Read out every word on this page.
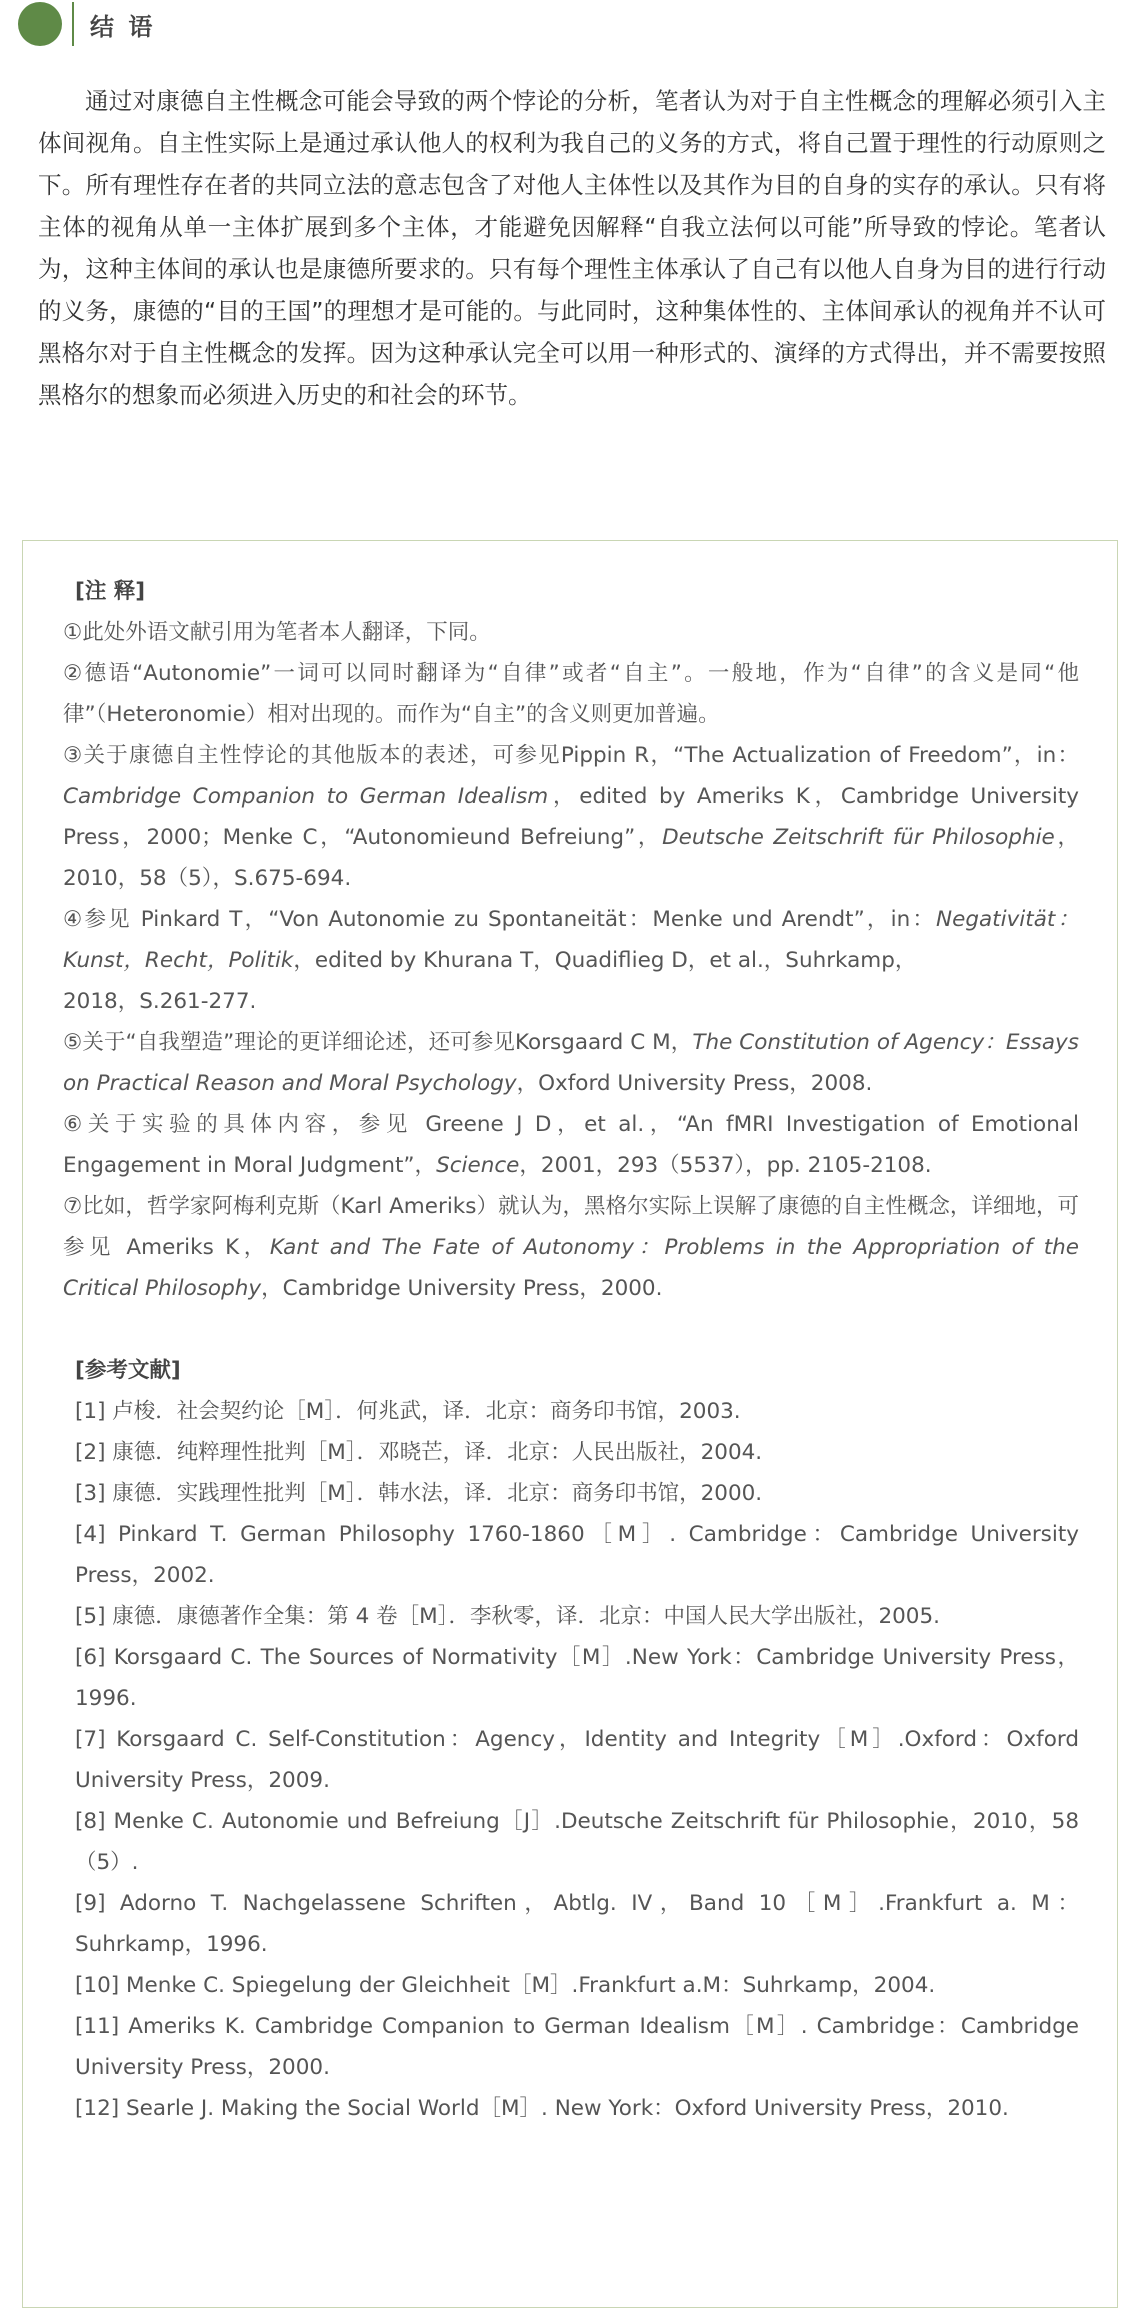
结 语

通过对康德自主性概念可能会导致的两个悖论的分析，笔者认为对于自主性概念的理解必须引入主体间视角。自主性实际上是通过承认他人的权利为我自己的义务的方式，将自己置于理性的行动原则之下。所有理性存在者的共同立法的意志包含了对他人主体性以及其作为目的自身的实存的承认。只有将主体的视角从单一主体扩展到多个主体，才能避免因解释“自我立法何以可能”所导致的悖论。笔者认为，这种主体间的承认也是康德所要求的。只有每个理性主体承认了自己有以他人自身为目的进行行动的义务，康德的“目的王国”的理想才是可能的。与此同时，这种集体性的、主体间承认的视角并不认可黑格尔对于自主性概念的发挥。因为这种承认完全可以用一种形式的、演绎的方式得出，并不需要按照黑格尔的想象而必须进入历史的和社会的环节。

[注 释]

①此处外语文献引用为笔者本人翻译，下同。

②德语“Autonomie”一词可以同时翻译为“自律”或者“自主”。一般地，作为“自律”的含义是同“他律”（Heteronomie）相对出现的。而作为“自主”的含义则更加普遍。

③关于康德自主性悖论的其他版本的表述，可参见Pippin R，“The Actualization of Freedom”，in：Cambridge Companion to German Idealism，edited by Ameriks K，Cambridge University Press，2000；Menke C，“Autonomieund Befreiung”，Deutsche Zeitschrift für Philosophie，2010，58（5），S.675-694.

④参见 Pinkard T，“Von Autonomie zu Spontaneität：Menke und Arendt”，in：Negativität：Kunst，Recht，Politik，edited by Khurana T，Quadiflieg D，et al.，Suhrkamp，
2018，S.261-277.

⑤关于“自我塑造”理论的更详细论述，还可参见Korsgaard C M，The Constitution of Agency：Essays on Practical Reason and Moral Psychology，Oxford University Press，2008.

⑥关于实验的具体内容，参见 Greene J D，et al.，“An fMRI Investigation of Emotional Engagement in Moral Judgment”，Science，2001，293（5537），pp. 2105-2108.

⑦比如，哲学家阿梅利克斯（Karl Ameriks）就认为，黑格尔实际上误解了康德的自主性概念，详细地，可参见 Ameriks K，Kant and The Fate of Autonomy：Problems in the Appropriation of the Critical Philosophy，Cambridge University Press，2000.

[参考文献]

[1] 卢梭．社会契约论［M］．何兆武，译．北京：商务印书馆，2003.

[2] 康德．纯粹理性批判［M］．邓晓芒，译．北京：人民出版社，2004.

[3] 康德．实践理性批判［M］．韩水法，译．北京：商务印书馆，2000.

[4] Pinkard T. German Philosophy 1760-1860［M］. Cambridge：Cambridge University Press，2002.

[5] 康德．康德著作全集：第 4 卷［M］．李秋零，译．北京：中国人民大学出版社，2005.

[6] Korsgaard C. The Sources of Normativity［M］.New York：Cambridge University Press，1996.

[7] Korsgaard C. Self-Constitution：Agency，Identity and Integrity［M］.Oxford：Oxford University Press，2009.

[8] Menke C. Autonomie und Befreiung［J］.Deutsche Zeitschrift für Philosophie，2010，58（5）.

[9] Adorno T. Nachgelassene Schriften，Abtlg. IV，Band 10［M］.Frankfurt a. M：Suhrkamp，1996.

[10] Menke C. Spiegelung der Gleichheit［M］.Frankfurt a.M：Suhrkamp，2004.

[11] Ameriks K. Cambridge Companion to German Idealism［M］. Cambridge：Cambridge University Press，2000.

[12] Searle J. Making the Social World［M］. New York：Oxford University Press，2010.
